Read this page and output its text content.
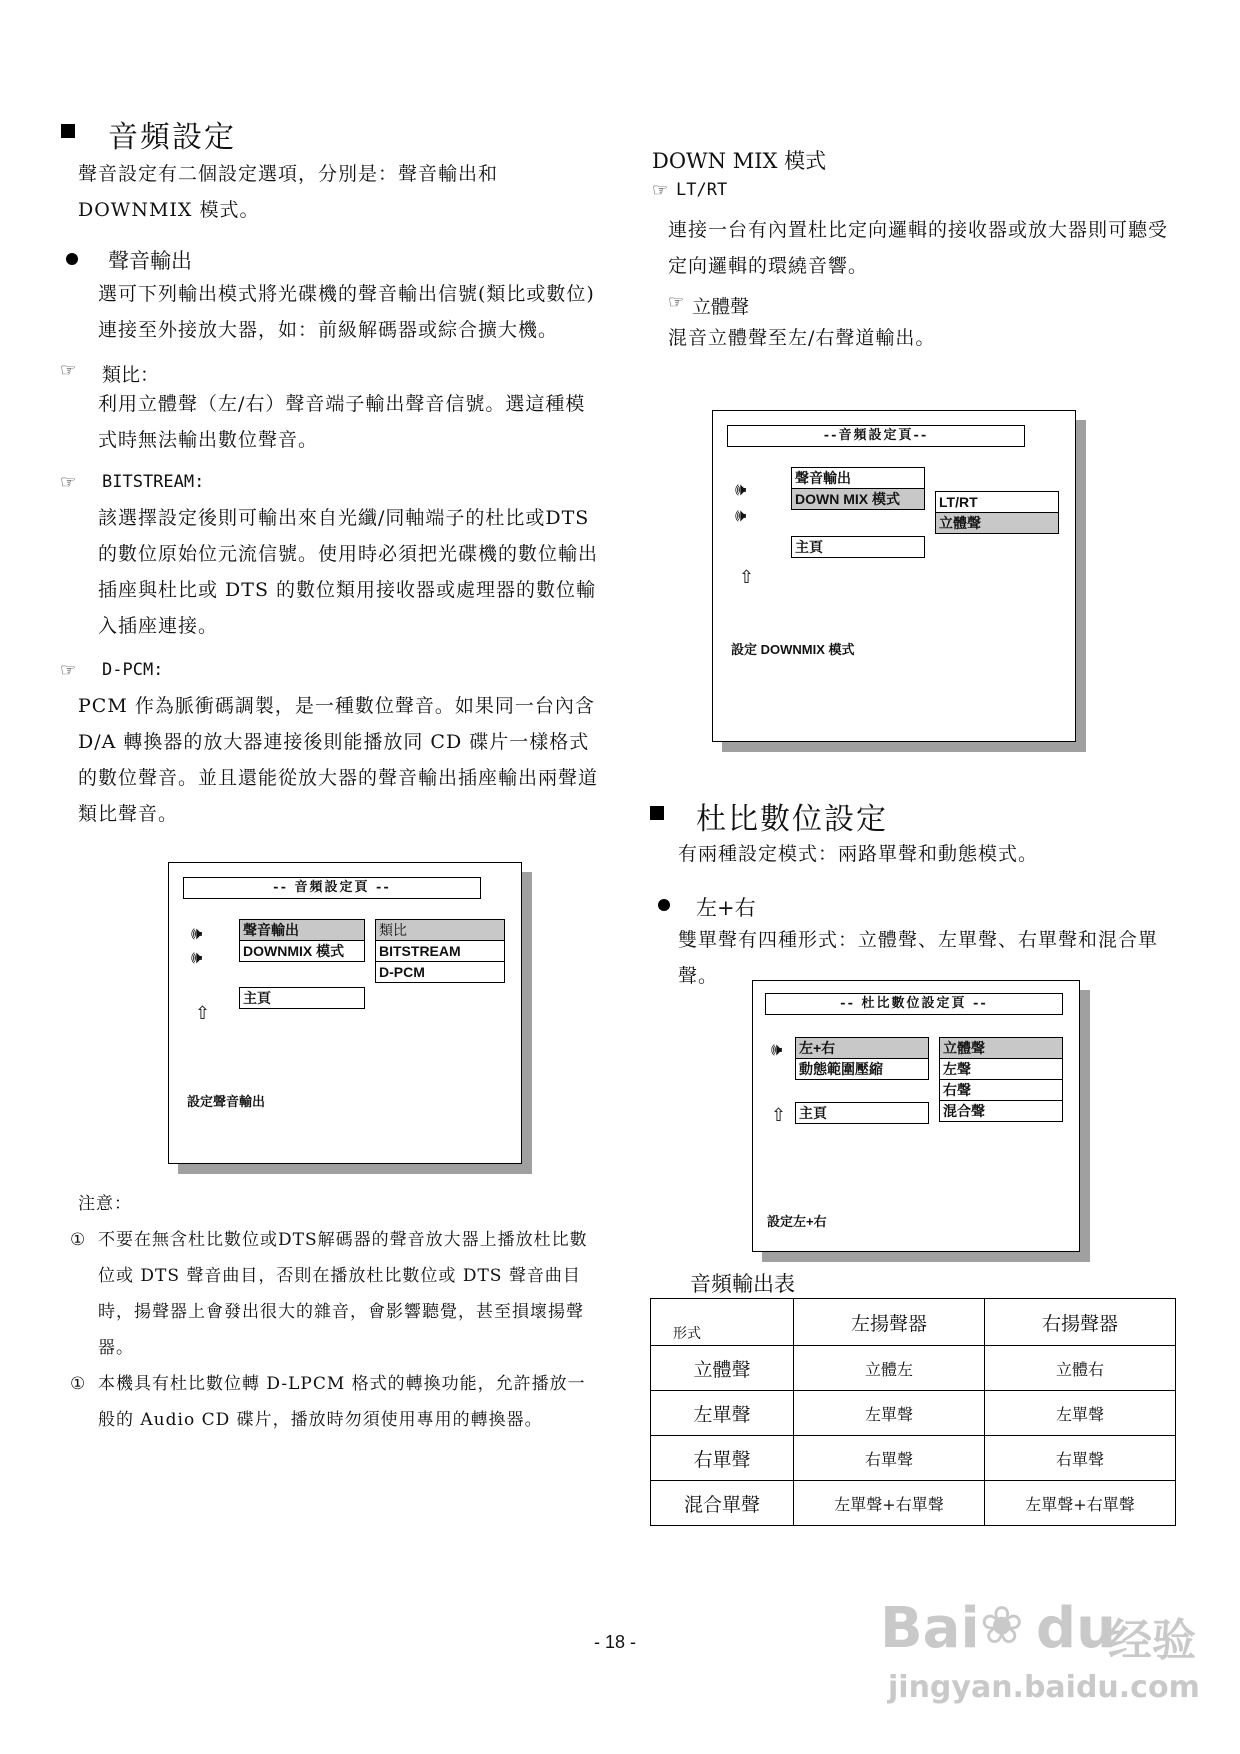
音頻設定
聲音設定有二個設定選項，分別是：聲音輸出和 DOWNMIX 模式。
聲音輸出
選可下列輸出模式將光碟機的聲音輸出信號(類比或數位)連接至外接放大器，如：前級解碼器或綜合擴大機。
☞ 類比：
利用立體聲（左/右）聲音端子輸出聲音信號。選這種模式時無法輸出數位聲音。
☞ BITSTREAM:
該選擇設定後則可輸出來自光纖/同軸端子的杜比或DTS的數位原始位元流信號。使用時必須把光碟機的數位輸出插座與杜比或 DTS 的數位類用接收器或處理器的數位輸入插座連接。
☞ D-PCM:
PCM 作為脈衝碼調製，是一種數位聲音。如果同一台內含D/A 轉換器的放大器連接後則能播放同 CD 碟片一樣格式的數位聲音。並且還能從放大器的聲音輸出插座輸出兩聲道類比聲音。
-- 音頻設定頁 --
🕪
🕪
⇧
聲音輸出
DOWNMIX 模式
主頁
類比
BITSTREAM
D-PCM
設定聲音輸出
注意：
① 不要在無含杜比數位或DTS解碼器的聲音放大器上播放杜比數位或 DTS 聲音曲目，否則在播放杜比數位或 DTS 聲音曲目時，揚聲器上會發出很大的雜音，會影響聽覺，甚至損壞揚聲器。
① 本機具有杜比數位轉 D-LPCM 格式的轉換功能，允許播放一般的 Audio CD 碟片，播放時勿須使用專用的轉換器。
DOWN MIX 模式
☞ LT/RT
連接一台有內置杜比定向邏輯的接收器或放大器則可聽受定向邏輯的環繞音響。
☞ 立體聲
混音立體聲至左/右聲道輸出。
--音頻設定頁--
🕪
🕪
⇧
聲音輸出
DOWN MIX 模式
主頁
LT/RT
立體聲
設定 DOWNMIX 模式
杜比數位設定
有兩種設定模式：兩路單聲和動態模式。
左+右
雙單聲有四種形式：立體聲、左單聲、右單聲和混合單聲。
-- 杜比數位設定頁 --
🕪
⇧
左+右
動態範圍壓縮
主頁
立體聲
左聲
右聲
混合聲
設定左+右
音頻輸出表
形式	左揚聲器	右揚聲器
立體聲	立體左	立體右
左單聲	左單聲	左單聲
右單聲	右單聲	右單聲
混合單聲	左單聲+右單聲	左單聲+右單聲
- 18 -	Bai ❀ du
经验
jingyan.baidu.com
